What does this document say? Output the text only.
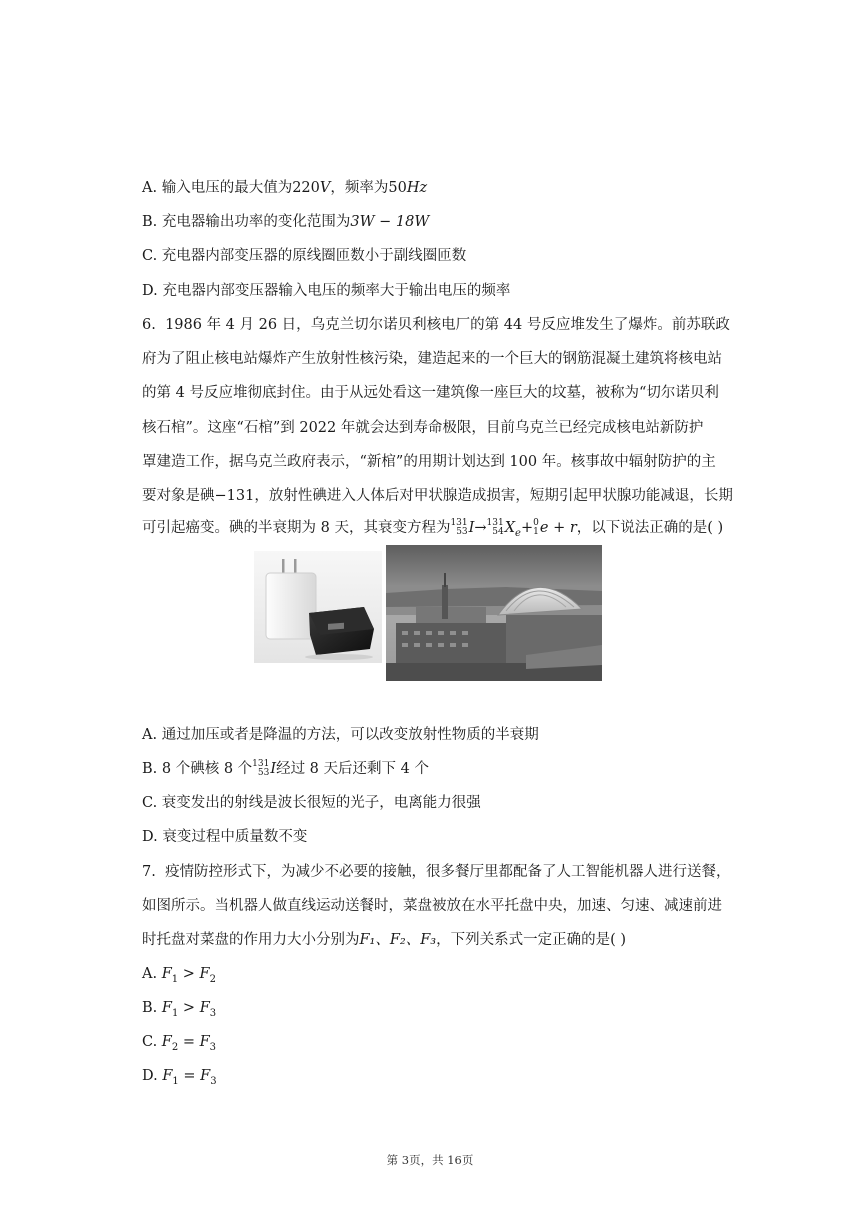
A. 输入电压的最大值为220V，频率为50Hz
B. 充电器输出功率的变化范围为3W − 18W
C. 充电器内部变压器的原线圈匝数小于副线圈匝数
D. 充电器内部变压器输入电压的频率大于输出电压的频率
6. 1986 年 4 月 26 日，乌克兰切尔诺贝利核电厂的第 44 号反应堆发生了爆炸。前苏联政
府为了阻止核电站爆炸产生放射性核污染，建造起来的一个巨大的钢筋混凝土建筑将核电站
的第 4 号反应堆彻底封住。由于从远处看这一建筑像一座巨大的坟墓，被称为“切尔诺贝利
核石棺”。这座“石棺”到 2022 年就会达到寿命极限，目前乌克兰已经完成核电站新防护
罩建造工作，据乌克兰政府表示，“新棺”的用期计划达到 100 年。核事故中辐射防护的主
要对象是碘−131，放射性碘进入人体后对甲状腺造成损害，短期引起甲状腺功能减退，长期
可引起癌变。碘的半衰期为 8 天，其衰变方程为 131
53 I→ 131
54 $X_e+ 0$
1 e + r，以下说法正确的是( )
A. 通过加压或者是降温的方法，可以改变放射性物质的半衰期
B. 8 个碘核 8 个 131
53 I经过 8 天后还剩下 4 个
C. 衰变发出的射线是波长很短的光子，电离能力很强
D. 衰变过程中质量数不变
7. 疫情防控形式下，为减少不必要的接触，很多餐厅里都配备了人工智能机器人进行送餐，
如图所示。当机器人做直线运动送餐时，菜盘被放在水平托盘中央，加速、匀速、减速前进
时托盘对菜盘的作用力大小分别为F₁、F₂、F₃，下列关系式一定正确的是( )
A. $F_1 > F_2$
B. $F_1 > F_3$
C. $F_2 = F_3$
D. $F_1 = F_3$
第 3页，共 16页
